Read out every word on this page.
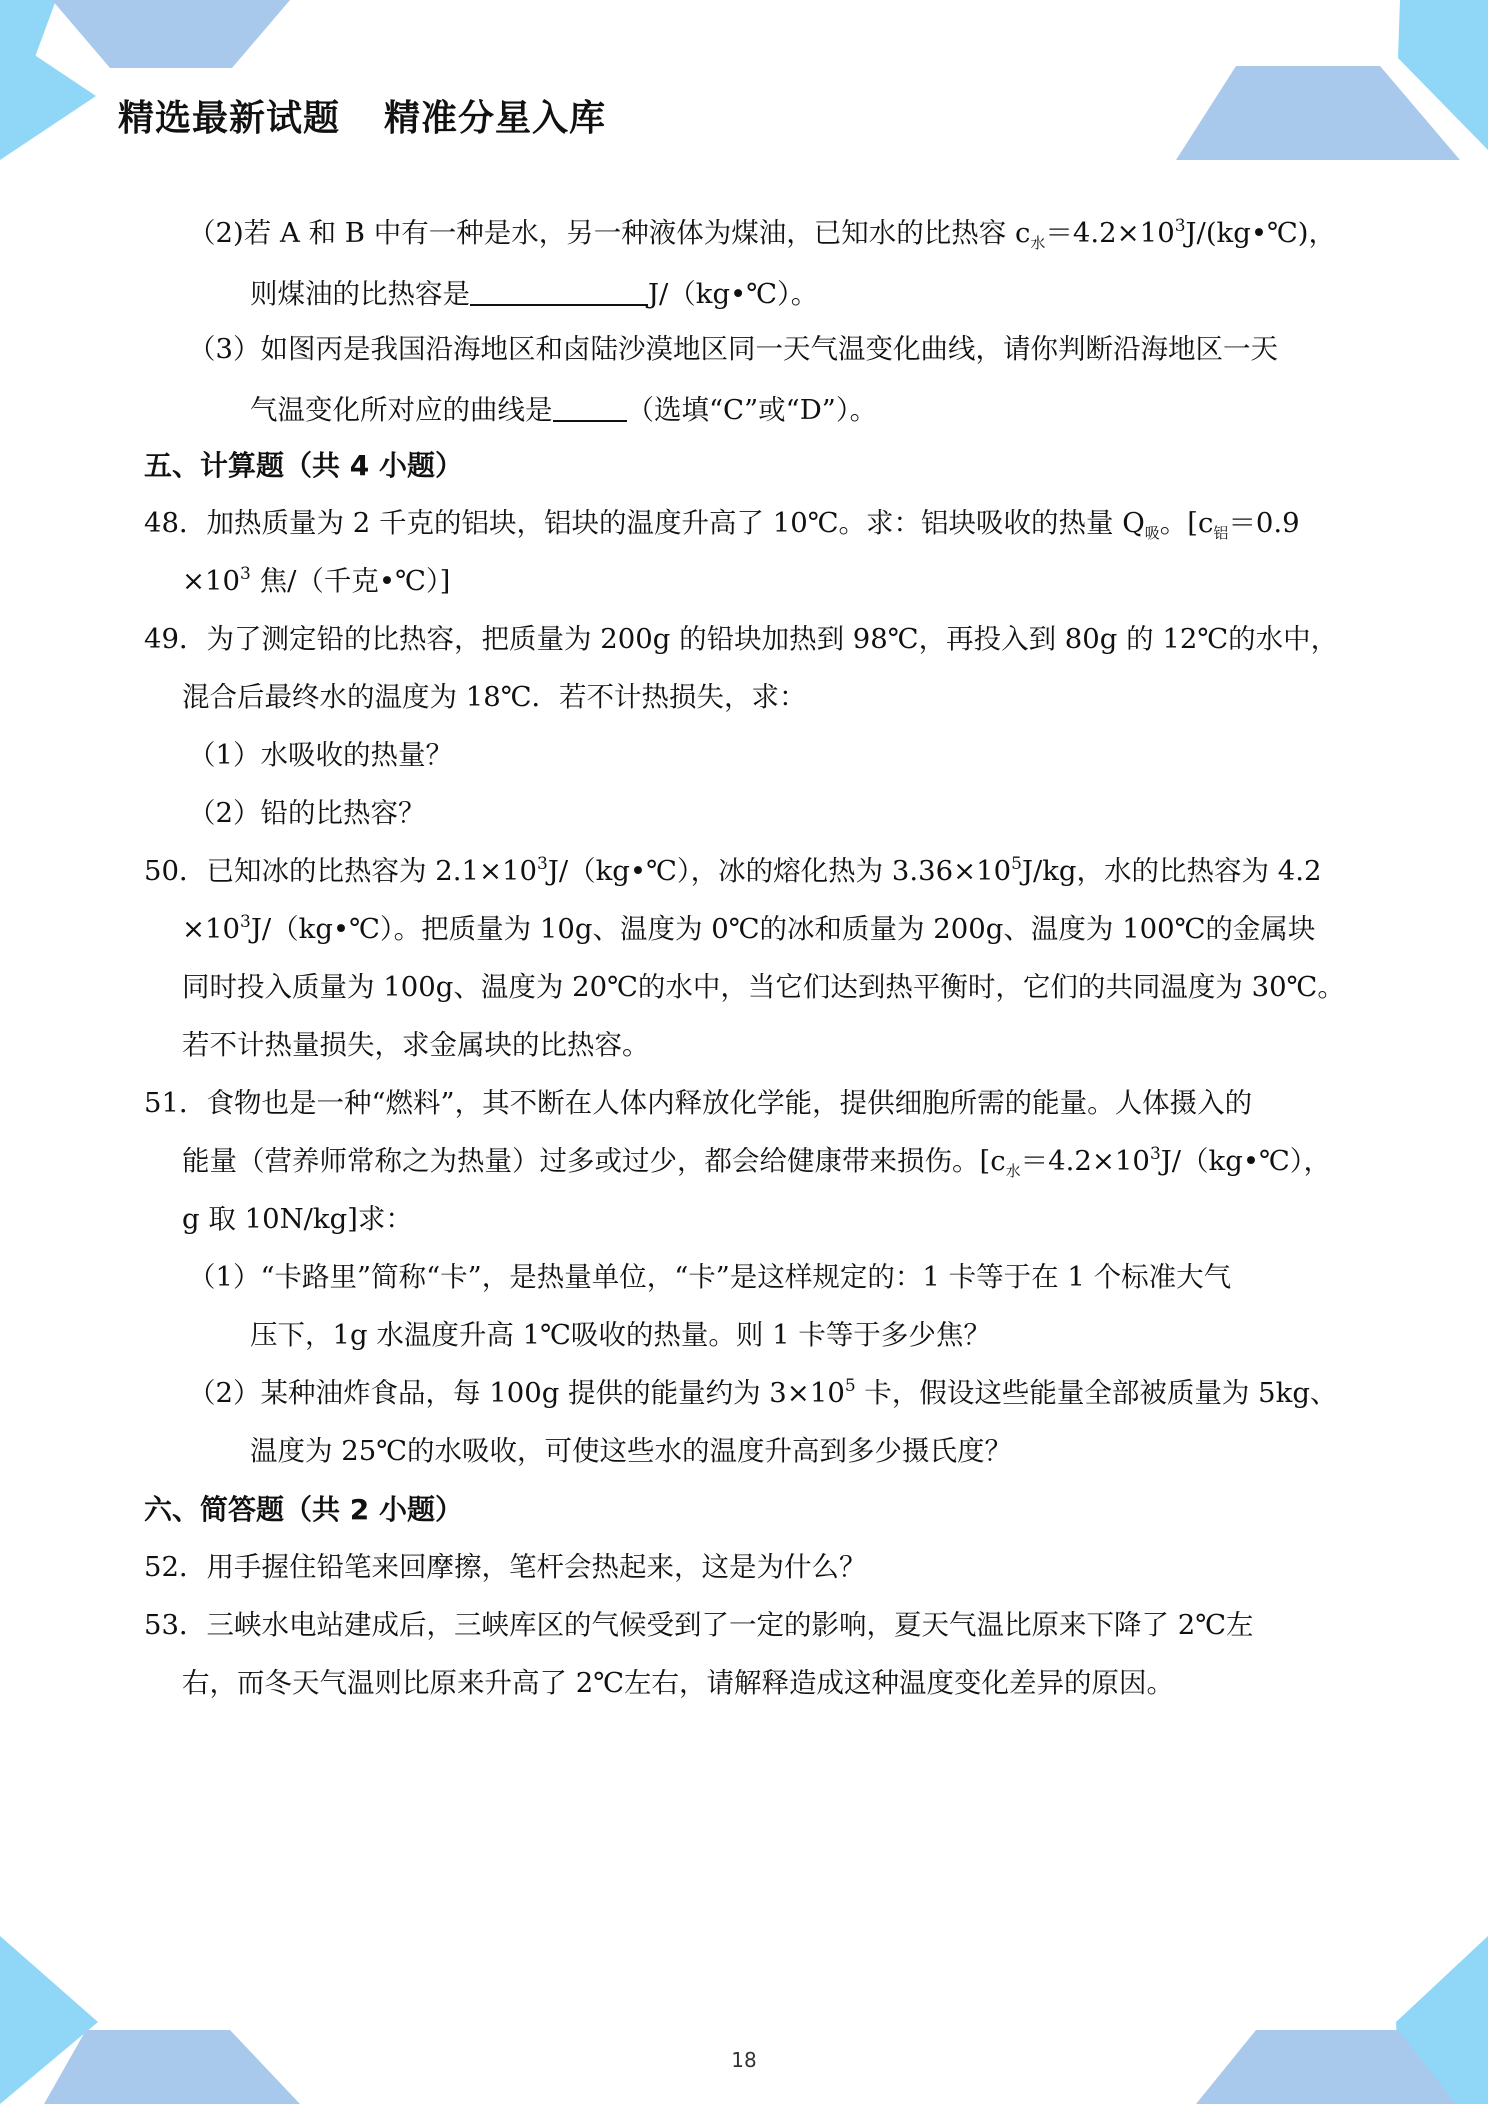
精选最新试题 精准分星入库
（2)若 A 和 B 中有一种是水，另一种液体为煤油，已知水的比热容 $c_水=4.2\times 10^3J/(kg•℃)$，
则煤油的比热容是	J/（kg•℃）。
（3）如图丙是我国沿海地区和卤陆沙漠地区同一天气温变化曲线，请你判断沿海地区一天
气温变化所对应的曲线是	（选填“C”或“D”）。
五、计算题（共 4 小题）
48．加热质量为 2 千克的铝块，铝块的温度升高了 10℃。求：铝块吸收的热量 $Q_吸$。[$c_铝=0.9$
$\times 10^3$ 焦/（千克•℃）]
49．为了测定铅的比热容，把质量为 200g 的铅块加热到 98℃，再投入到 80g 的 12℃的水中，
混合后最终水的温度为 18℃．若不计热损失，求：
（1）水吸收的热量？
（2）铅的比热容？
50．已知冰的比热容为 $2.1\times 10^3J/(kg•℃)$，冰的熔化热为 $3.36\times 10^5J/kg$，水的比热容为 4.2
$\times 10^3J/(kg•℃)$。把质量为 10g、温度为 0℃的冰和质量为 200g、温度为 100℃的金属块
同时投入质量为 100g、温度为 20℃的水中，当它们达到热平衡时，它们的共同温度为 30℃。
若不计热量损失，求金属块的比热容。
51．食物也是一种“燃料”，其不断在人体内释放化学能，提供细胞所需的能量。人体摄入的
能量（营养师常称之为热量）过多或过少，都会给健康带来损伤。[$c_水=4.2\times 10^3J/(kg•℃)$，
g 取 10N/kg]求：
（1）“卡路里”简称“卡”，是热量单位，“卡”是这样规定的：1 卡等于在 1 个标准大气
压下，1g 水温度升高 1℃吸收的热量。则 1 卡等于多少焦？
（2）某种油炸食品，每 100g 提供的能量约为 $3\times 10^5$ 卡，假设这些能量全部被质量为 5kg、
温度为 25℃的水吸收，可使这些水的温度升高到多少摄氏度？
六、简答题（共 2 小题）
52．用手握住铅笔来回摩擦，笔杆会热起来，这是为什么？
53．三峡水电站建成后，三峡库区的气候受到了一定的影响，夏天气温比原来下降了 2℃左
右，而冬天气温则比原来升高了 2℃左右，请解释造成这种温度变化差异的原因。
18
